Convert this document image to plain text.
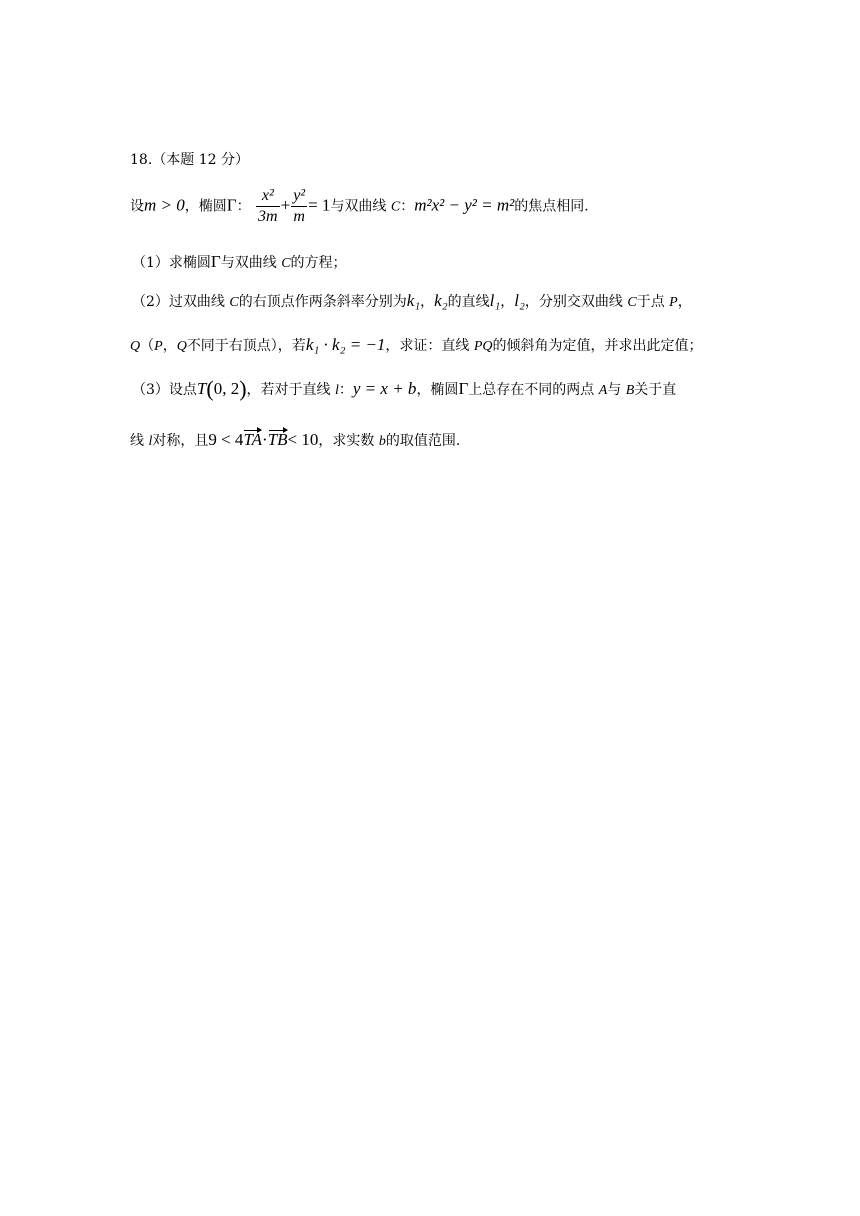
18.（本题 12 分）
设m > 0，椭圆Γ： $\frac{\text{x²}}{3m} + \frac{\text{y²}}{m} = 1$与双曲线 C：m²x² − y² = m²的焦点相同.
（1）求椭圆Γ与双曲线 C的方程；
（2）过双曲线 C的右顶点作两条斜率分别为k₁，k₂的直线l₁，l₂，分别交双曲线 C于点 P，
Q（P，Q不同于右顶点），若k₁ · k₂ = −1，求证：直线 PQ的倾斜角为定值，并求出此定值；
（3）设点T(0, 2)，若对于直线 l：y = x + b，椭圆Γ上总存在不同的两点 A与 B关于直
线 l对称，且9 < 4TA·TB< 10，求实数 b的取值范围.
